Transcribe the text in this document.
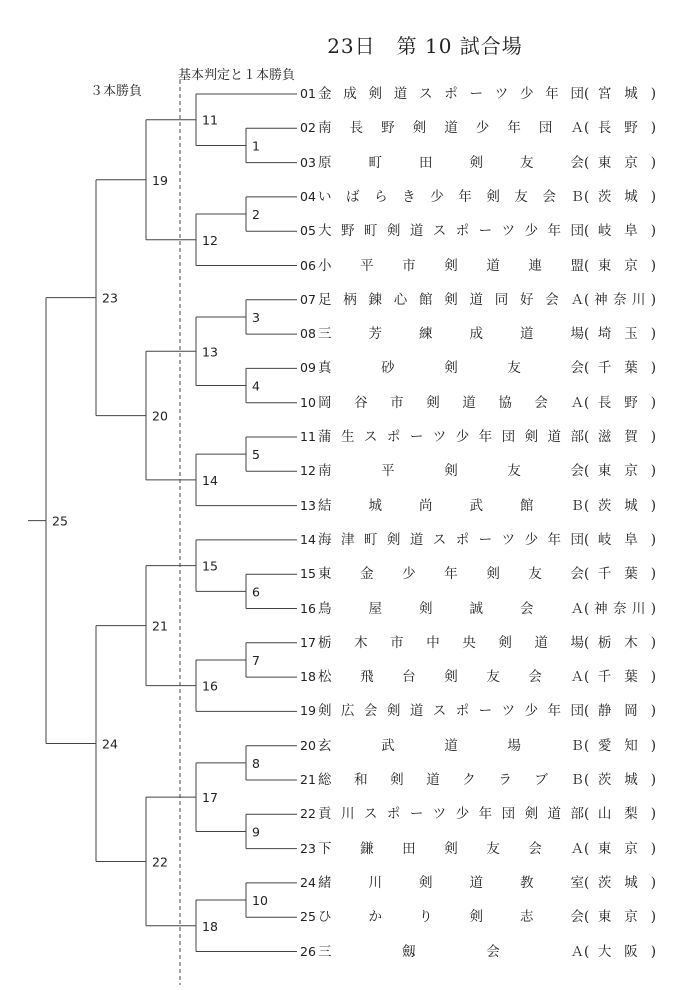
23日　第 10 試合場
３本勝負
基本判定と１本勝負
1
2
3
4
5
6
7
8
9
10
11
12
13
14
15
16
17
18
19
20
21
22
23
24
25
01 金 成 剣 道 ス ポ ー ツ 少 年 団 ( 宮 城 )
02 南 長 野 剣 道 少 年 団 Ａ ( 長 野 )
03 原 町 田 剣 友 会 ( 東 京 )
04 い ば ら き 少 年 剣 友 会 Ｂ ( 茨 城 )
05 大 野 町 剣 道 ス ポ ー ツ 少 年 団 ( 岐 阜 )
06 小 平 市 剣 道 連 盟 ( 東 京 )
07 足 柄 錬 心 館 剣 道 同 好 会 Ａ ( 神 奈 川 )
08 三 芳 練 成 道 場 ( 埼 玉 )
09 真 砂 剣 友 会 ( 千 葉 )
10 岡 谷 市 剣 道 協 会 Ａ ( 長 野 )
11 蒲 生 ス ポ ー ツ 少 年 団 剣 道 部 ( 滋 賀 )
12 南 平 剣 友 会 ( 東 京 )
13 結 城 尚 武 館 Ｂ ( 茨 城 )
14 海 津 町 剣 道 ス ポ ー ツ 少 年 団 ( 岐 阜 )
15 東 金 少 年 剣 友 会 ( 千 葉 )
16 鳥 屋 剣 誠 会 Ａ ( 神 奈 川 )
17 栃 木 市 中 央 剣 道 場 ( 栃 木 )
18 松 飛 台 剣 友 会 Ａ ( 千 葉 )
19 剣 広 会 剣 道 ス ポ ー ツ 少 年 団 ( 静 岡 )
20 玄 武 道 場 Ｂ ( 愛 知 )
21 総 和 剣 道 ク ラ ブ Ｂ ( 茨 城 )
22 貢 川 ス ポ ー ツ 少 年 団 剣 道 部 ( 山 梨 )
23 下 鎌 田 剣 友 会 Ａ ( 東 京 )
24 緒 川 剣 道 教 室 ( 茨 城 )
25 ひ か り 剣 志 会 ( 東 京 )
26 三 劔 会 Ａ ( 大 阪 )
